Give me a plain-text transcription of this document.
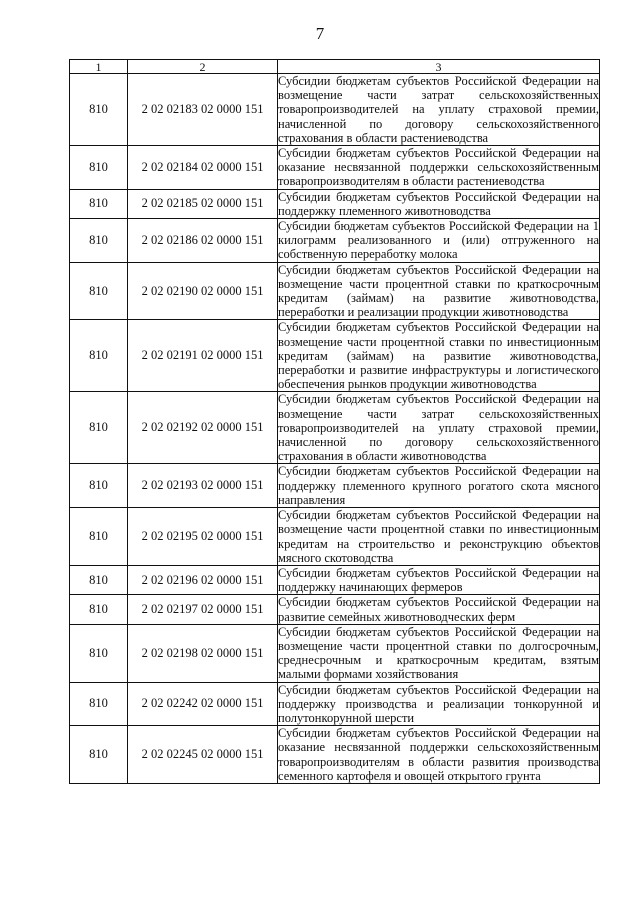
7
1	2	3
810	2 02 02183 02 0000 151	Субсидии бюджетам субъектов Российской Федерации на возмещение части затрат сельскохозяйственных товаропроизводителей на уплату страховой премии, начисленной по договору сельскохозяйственного страхования в области растениеводства
810	2 02 02184 02 0000 151	Субсидии бюджетам субъектов Российской Федерации на оказание несвязанной поддержки сельскохозяйственным товаропроизводителям в области растениеводства
810	2 02 02185 02 0000 151	Субсидии бюджетам субъектов Российской Федерации на поддержку племенного животноводства
810	2 02 02186 02 0000 151	Субсидии бюджетам субъектов Российской Федерации на 1 килограмм реализованного и (или) отгруженного на собственную переработку молока
810	2 02 02190 02 0000 151	Субсидии бюджетам субъектов Российской Федерации на возмещение части процентной ставки по краткосрочным кредитам (займам) на развитие животноводства, переработки и реализации продукции животноводства
810	2 02 02191 02 0000 151	Субсидии бюджетам субъектов Российской Федерации на возмещение части процентной ставки по инвестиционным кредитам (займам) на развитие животноводства, переработки и развитие инфраструктуры и логистического обеспечения рынков продукции животноводства
810	2 02 02192 02 0000 151	Субсидии бюджетам субъектов Российской Федерации на возмещение части затрат сельскохозяйственных товаропроизводителей на уплату страховой премии, начисленной по договору сельскохозяйственного страхования в области животноводства
810	2 02 02193 02 0000 151	Субсидии бюджетам субъектов Российской Федерации на поддержку племенного крупного рогатого скота мясного направления
810	2 02 02195 02 0000 151	Субсидии бюджетам субъектов Российской Федерации на возмещение части процентной ставки по инвестиционным кредитам на строительство и реконструкцию объектов мясного скотоводства
810	2 02 02196 02 0000 151	Субсидии бюджетам субъектов Российской Федерации на поддержку начинающих фермеров
810	2 02 02197 02 0000 151	Субсидии бюджетам субъектов Российской Федерации на развитие семейных животноводческих ферм
810	2 02 02198 02 0000 151	Субсидии бюджетам субъектов Российской Федерации на возмещение части процентной ставки по долгосрочным, среднесрочным и краткосрочным кредитам, взятым малыми формами хозяйствования
810	2 02 02242 02 0000 151	Субсидии бюджетам субъектов Российской Федерации на поддержку производства и реализации тонкорунной и полутонкорунной шерсти
810	2 02 02245 02 0000 151	Субсидии бюджетам субъектов Российской Федерации на оказание несвязанной поддержки сельскохозяйственным товаропроизводителям в области развития производства семенного картофеля и овощей открытого грунта
